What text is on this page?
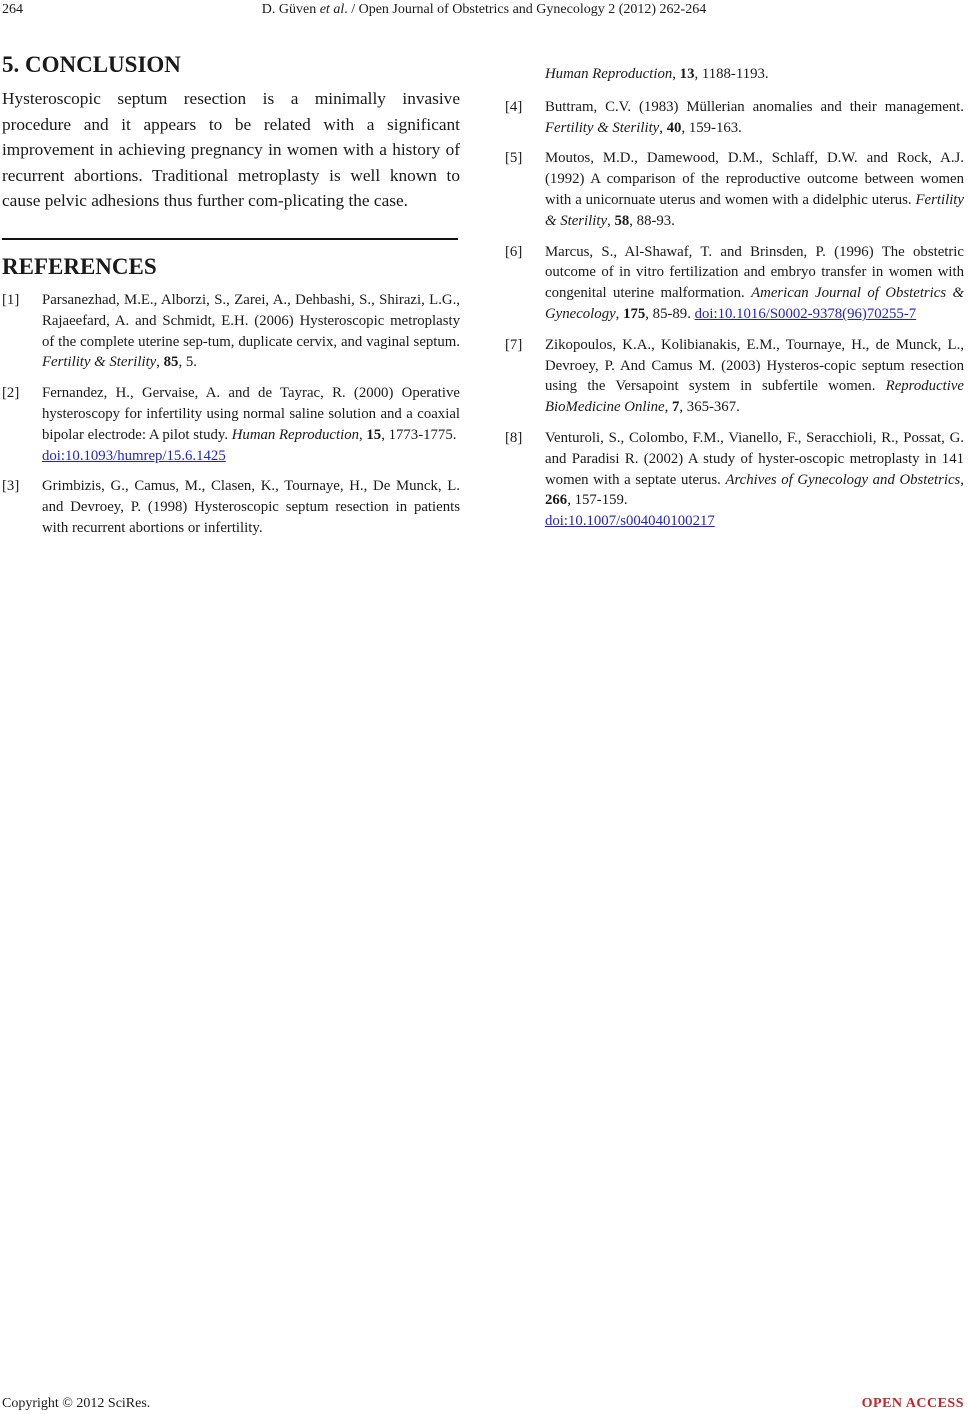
264	D. Güven et al. / Open Journal of Obstetrics and Gynecology 2 (2012) 262-264
5. CONCLUSION

Hysteroscopic septum resection is a minimally invasive procedure and it appears to be related with a significant improvement in achieving pregnancy in women with a history of recurrent abortions. Traditional metroplasty is well known to cause pelvic adhesions thus further com-plicating the case.

REFERENCES
[1] Parsanezhad, M.E., Alborzi, S., Zarei, A., Dehbashi, S., Shirazi, L.G., Rajaeefard, A. and Schmidt, E.H. (2006) Hysteroscopic metroplasty of the complete uterine sep-tum, duplicate cervix, and vaginal septum. Fertility & Sterility, 85, 5.
[2] Fernandez, H., Gervaise, A. and de Tayrac, R. (2000) Operative hysteroscopy for infertility using normal saline solution and a coaxial bipolar electrode: A pilot study. Human Reproduction, 15, 1773-1775.
doi:10.1093/humrep/15.6.1425
[3] Grimbizis, G., Camus, M., Clasen, K., Tournaye, H., De Munck, L. and Devroey, P. (1998) Hysteroscopic septum resection in patients with recurrent abortions or infertility.
Human Reproduction, 13, 1188-1193.
[4] Buttram, C.V. (1983) Müllerian anomalies and their management. Fertility & Sterility, 40, 159-163.
[5] Moutos, M.D., Damewood, D.M., Schlaff, D.W. and Rock, A.J. (1992) A comparison of the reproductive outcome between women with a unicornuate uterus and women with a didelphic uterus. Fertility & Sterility, 58, 88-93.
[6] Marcus, S., Al-Shawaf, T. and Brinsden, P. (1996) The obstetric outcome of in vitro fertilization and embryo transfer in women with congenital uterine malformation. American Journal of Obstetrics & Gynecology, 175, 85-89. doi:10.1016/S0002-9378(96)70255-7
[7] Zikopoulos, K.A., Kolibianakis, E.M., Tournaye, H., de Munck, L., Devroey, P. And Camus M. (2003) Hysteros-copic septum resection using the Versapoint system in subfertile women. Reproductive BioMedicine Online, 7, 365-367.
[8] Venturoli, S., Colombo, F.M., Vianello, F., Seracchioli, R., Possat, G. and Paradisi R. (2002) A study of hyster-oscopic metroplasty in 141 women with a septate uterus. Archives of Gynecology and Obstetrics, 266, 157-159.
doi:10.1007/s004040100217
Copyright © 2012 SciRes.	OPEN ACCESS
